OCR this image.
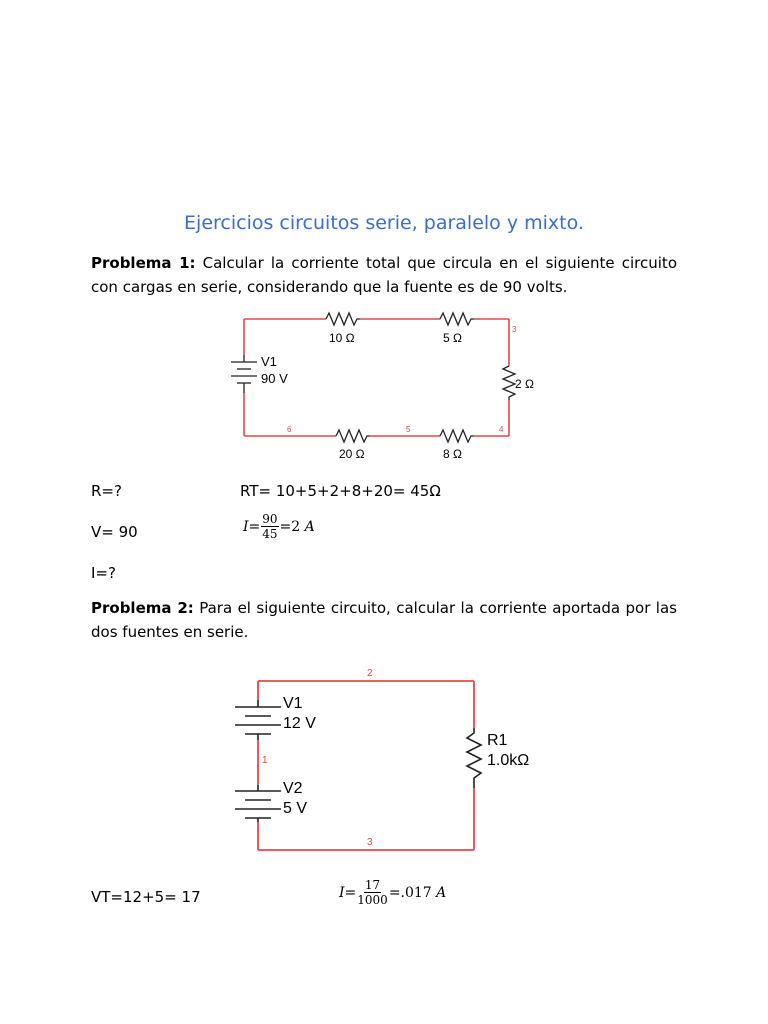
Ejercicios circuitos serie, paralelo y mixto.
Problema 1: Calcular la corriente total que circula en el siguiente circuito con cargas en serie, considerando que la fuente es de 90 volts.
V1
90 V
10 Ω	5 Ω
2 Ω
20 Ω	8 Ω
3
6	5	4
R=?	RT= 10+5+2+8+20= 45Ω
V= 90	$I = \frac{90}{45} =2$
A
I=?
Problema 2: Para el siguiente circuito, calcular la corriente aportada por las dos fuentes en serie.
V1
12 V
V2
5 V
R1
1.0kΩ
2
1
3
VT=12+5= 17	$I = \frac{17}{1000} =.017$
A
